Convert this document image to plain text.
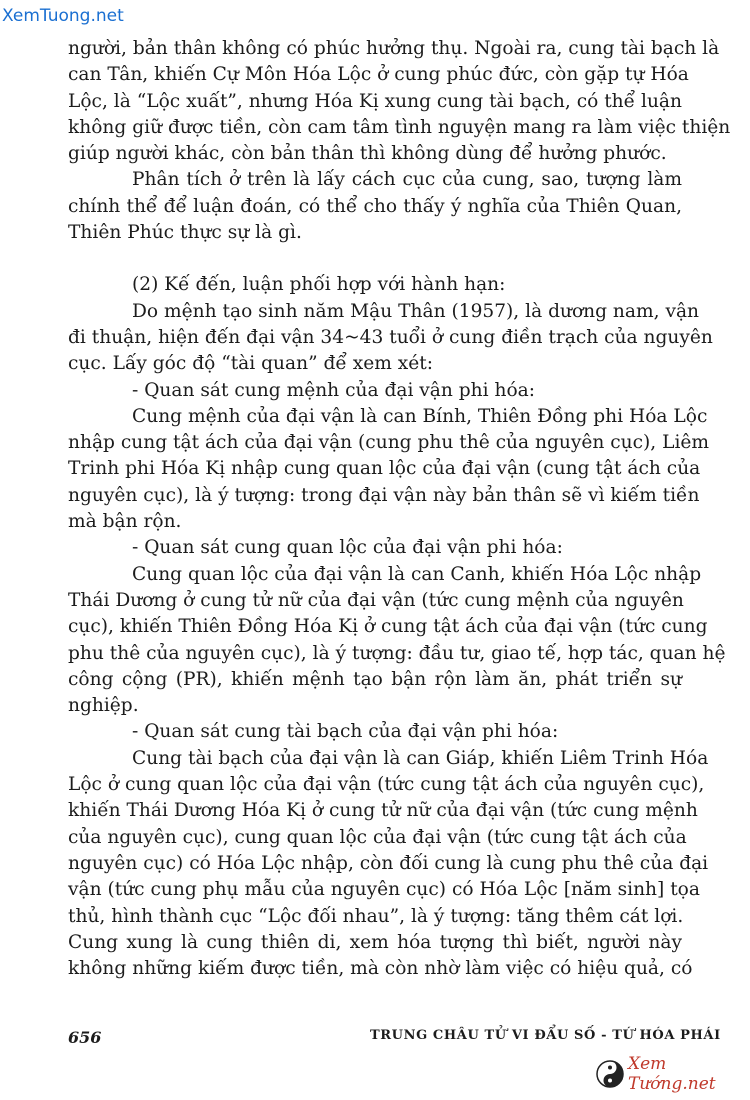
XemTuong.net
người, bản thân không có phúc hưởng thụ. Ngoài ra, cung tài bạch là
can Tân, khiến Cự Môn Hóa Lộc ở cung phúc đức, còn gặp tự Hóa
Lộc, là “Lộc xuất”, nhưng Hóa Kị xung cung tài bạch, có thể luận
không giữ được tiền, còn cam tâm tình nguyện mang ra làm việc thiện
giúp người khác, còn bản thân thì không dùng để hưởng phước.
Phân tích ở trên là lấy cách cục của cung, sao, tượng làm
chính thể để luận đoán, có thể cho thấy ý nghĩa của Thiên Quan,
Thiên Phúc thực sự là gì.
(2) Kế đến, luận phối hợp với hành hạn:
Do mệnh tạo sinh năm Mậu Thân (1957), là dương nam, vận
đi thuận, hiện đến đại vận 34~43 tuổi ở cung điền trạch của nguyên
cục. Lấy góc độ “tài quan” để xem xét:
- Quan sát cung mệnh của đại vận phi hóa:
Cung mệnh của đại vận là can Bính, Thiên Đồng phi Hóa Lộc
nhập cung tật ách của đại vận (cung phu thê của nguyên cục), Liêm
Trinh phi Hóa Kị nhập cung quan lộc của đại vận (cung tật ách của
nguyên cục), là ý tượng: trong đại vận này bản thân sẽ vì kiếm tiền
mà bận rộn.
- Quan sát cung quan lộc của đại vận phi hóa:
Cung quan lộc của đại vận là can Canh, khiến Hóa Lộc nhập
Thái Dương ở cung tử nữ của đại vận (tức cung mệnh của nguyên
cục), khiến Thiên Đồng Hóa Kị ở cung tật ách của đại vận (tức cung
phu thê của nguyên cục), là ý tượng: đầu tư, giao tế, hợp tác, quan hệ
công cộng (PR), khiến mệnh tạo bận rộn làm ăn, phát triển sự
nghiệp.
- Quan sát cung tài bạch của đại vận phi hóa:
Cung tài bạch của đại vận là can Giáp, khiến Liêm Trinh Hóa
Lộc ở cung quan lộc của đại vận (tức cung tật ách của nguyên cục),
khiến Thái Dương Hóa Kị ở cung tử nữ của đại vận (tức cung mệnh
của nguyên cục), cung quan lộc của đại vận (tức cung tật ách của
nguyên cục) có Hóa Lộc nhập, còn đối cung là cung phu thê của đại
vận (tức cung phụ mẫu của nguyên cục) có Hóa Lộc [năm sinh] tọa
thủ, hình thành cục “Lộc đối nhau”, là ý tượng: tăng thêm cát lợi.
Cung xung là cung thiên di, xem hóa tượng thì biết, người này
không những kiếm được tiền, mà còn nhờ làm việc có hiệu quả, có
656	TRUNG CHÂU TỬ VI ĐẨU SỐ - TỨ HÓA PHÁI
Xem Tướng.net
